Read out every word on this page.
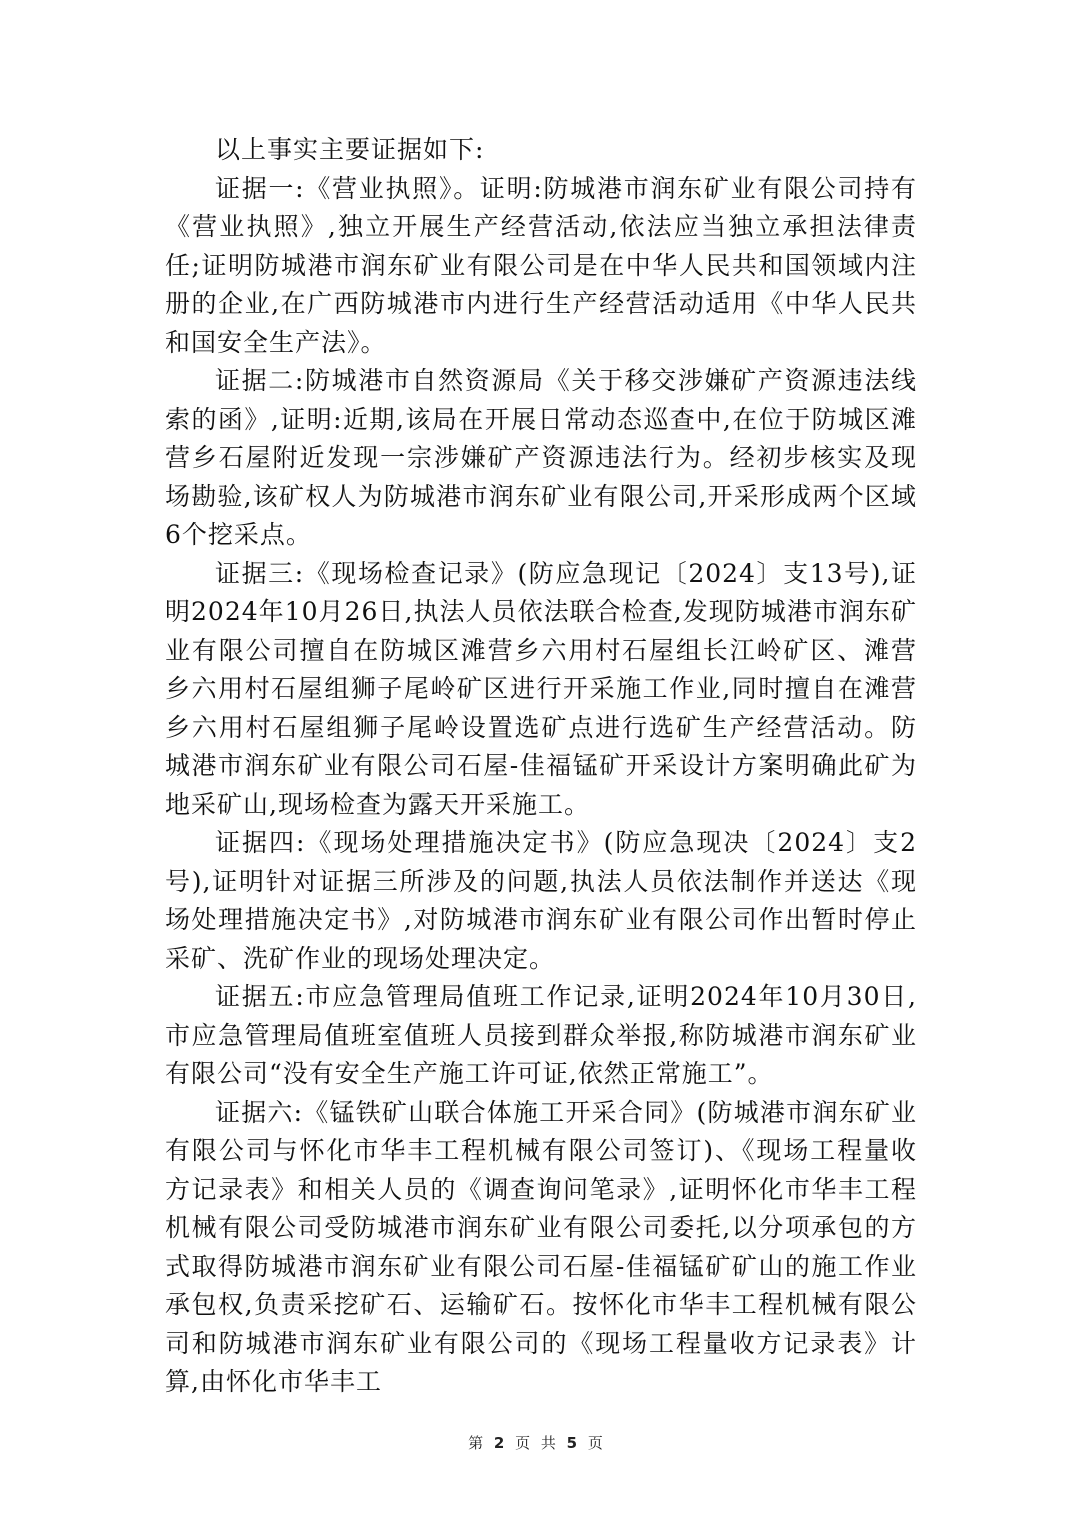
以上事实主要证据如下:

证据一:《营业执照》。证明:防城港市润东矿业有限公司持有《营业执照》,独立开展生产经营活动,依法应当独立承担法律责任;证明防城港市润东矿业有限公司是在中华人民共和国领域内注册的企业,在广西防城港市内进行生产经营活动适用《中华人民共和国安全生产法》。

证据二:防城港市自然资源局《关于移交涉嫌矿产资源违法线索的函》,证明:近期,该局在开展日常动态巡查中,在位于防城区滩营乡石屋附近发现一宗涉嫌矿产资源违法行为。经初步核实及现场勘验,该矿权人为防城港市润东矿业有限公司,开采形成两个区域6个挖采点。

证据三:《现场检查记录》(防应急现记〔2024〕支13号),证明2024年10月26日,执法人员依法联合检查,发现防城港市润东矿业有限公司擅自在防城区滩营乡六用村石屋组长江岭矿区、滩营乡六用村石屋组狮子尾岭矿区进行开采施工作业,同时擅自在滩营乡六用村石屋组狮子尾岭设置选矿点进行选矿生产经营活动。防城港市润东矿业有限公司石屋-佳福锰矿开采设计方案明确此矿为地采矿山,现场检查为露天开采施工。

证据四:《现场处理措施决定书》(防应急现决〔2024〕支2号),证明针对证据三所涉及的问题,执法人员依法制作并送达《现场处理措施决定书》,对防城港市润东矿业有限公司作出暂时停止采矿、洗矿作业的现场处理决定。

证据五:市应急管理局值班工作记录,证明2024年10月30日,市应急管理局值班室值班人员接到群众举报,称防城港市润东矿业有限公司“没有安全生产施工许可证,依然正常施工”。

证据六:《锰铁矿山联合体施工开采合同》(防城港市润东矿业有限公司与怀化市华丰工程机械有限公司签订)、《现场工程量收方记录表》和相关人员的《调查询问笔录》,证明怀化市华丰工程机械有限公司受防城港市润东矿业有限公司委托,以分项承包的方式取得防城港市润东矿业有限公司石屋-佳福锰矿矿山的施工作业承包权,负责采挖矿石、运输矿石。按怀化市华丰工程机械有限公司和防城港市润东矿业有限公司的《现场工程量收方记录表》计算,由怀化市华丰工

第 2 页 共 5 页
